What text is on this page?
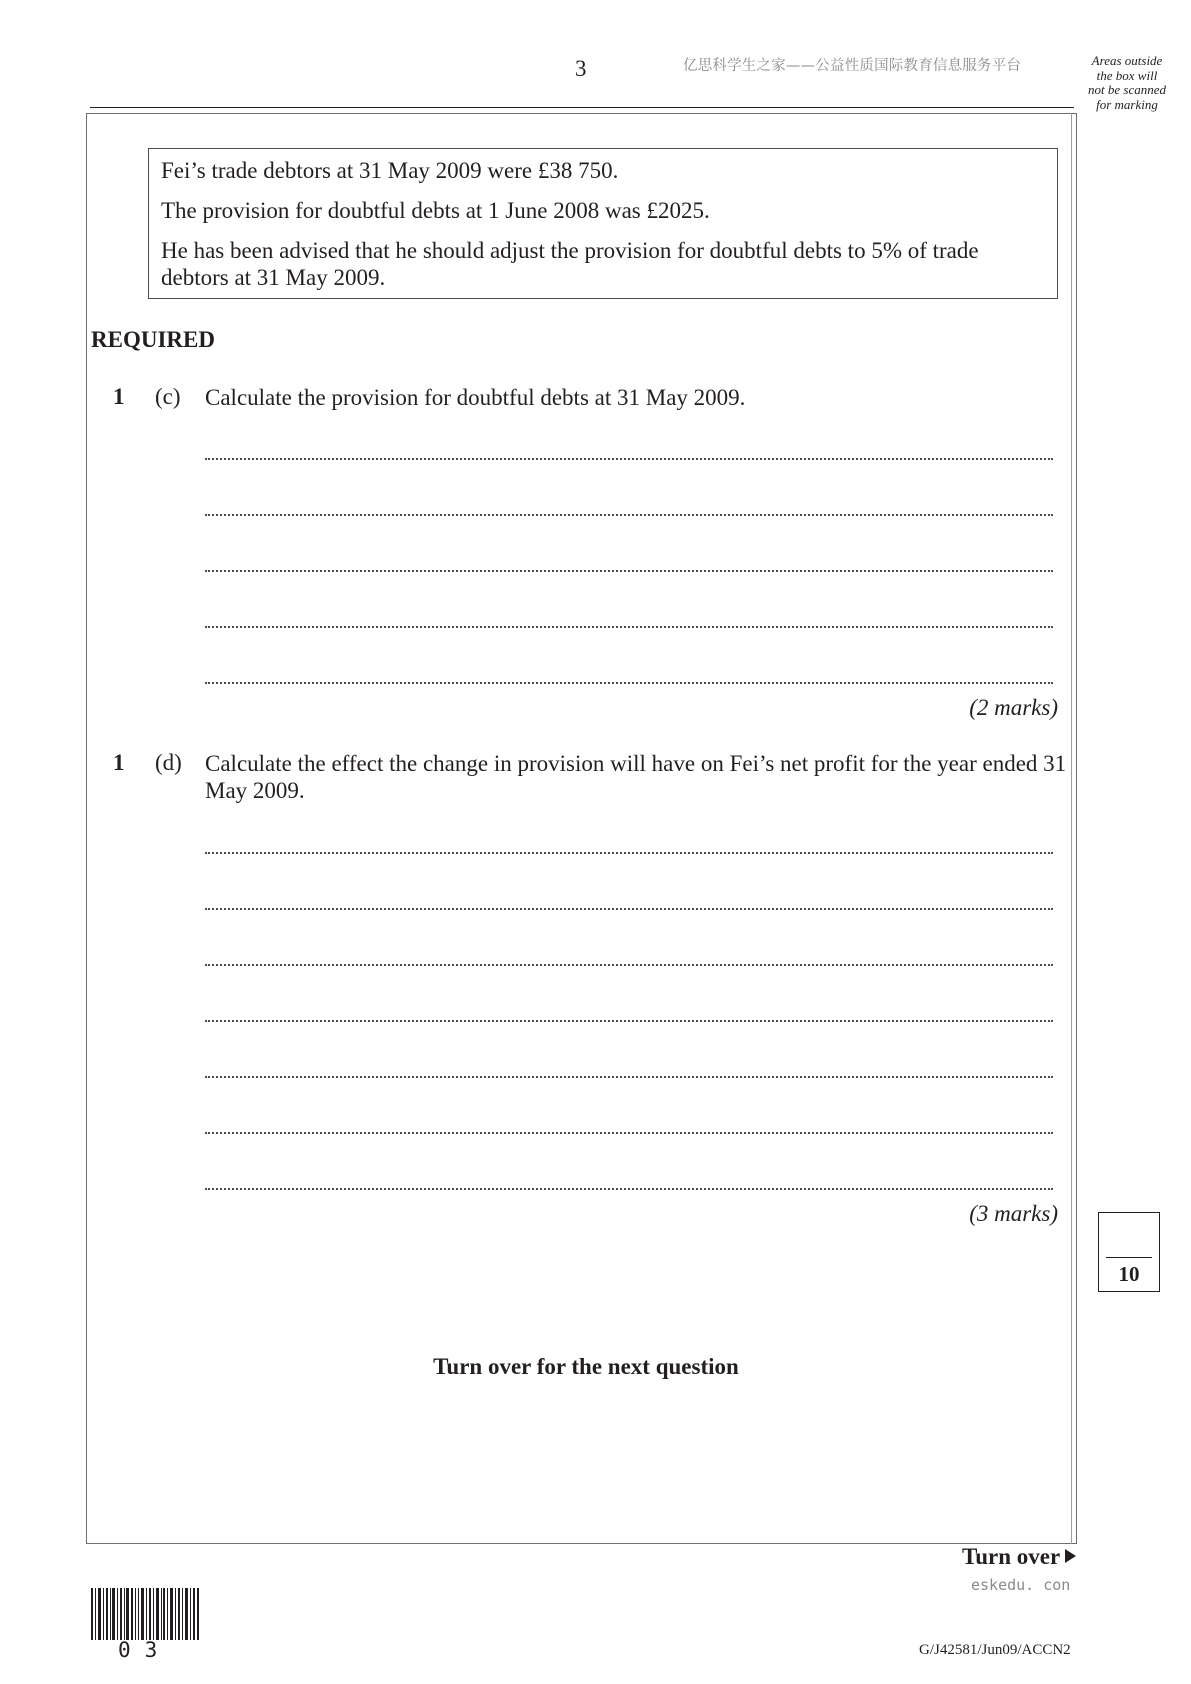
3	亿思科学生之家——公益性质国际教育信息服务平台	Areas outside
the box will
not be scanned
for marking

Fei’s trade debtors at 31 May 2009 were £38 750.

The provision for doubtful debts at 1 June 2008 was £2025.

He has been advised that he should adjust the provision for doubtful debts to 5% of trade debtors at 31 May 2009.

REQUIRED
1 (c) Calculate the provision for doubtful debts at 31 May 2009.
(2 marks)
1 (d) Calculate the effect the change in provision will have on Fei’s net profit for the year ended 31 May 2009.
(3 marks)
10
Turn over for the next question
Turn over
eskedu. con
03	G/J42581/Jun09/ACCN2
